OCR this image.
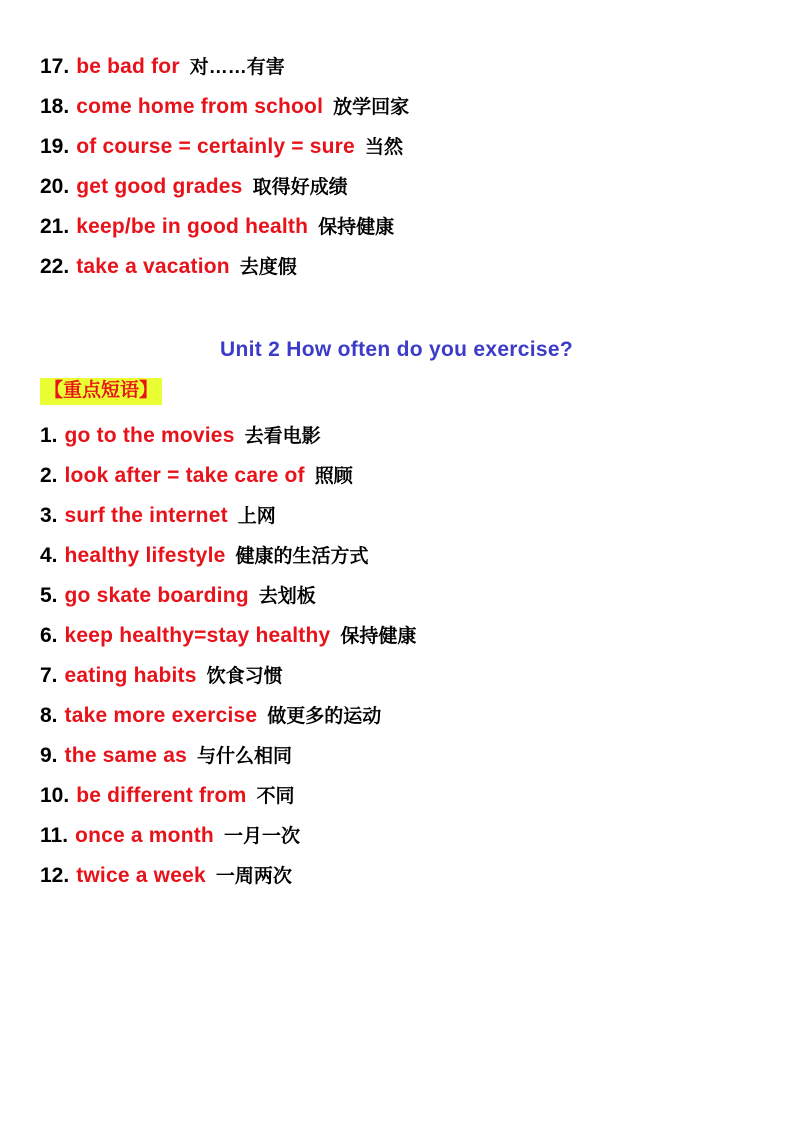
17. be bad for 对……有害
18. come home from school 放学回家
19. of course = certainly = sure 当然
20. get good grades 取得好成绩
21. keep/be in good health 保持健康
22. take a vacation 去度假
Unit 2 How often do you exercise?
【重点短语】
1. go to the movies 去看电影
2. look after = take care of 照顾
3. surf the internet 上网
4. healthy lifestyle 健康的生活方式
5. go skate boarding 去划板
6. keep healthy=stay healthy 保持健康
7. eating habits 饮食习惯
8. take more exercise 做更多的运动
9. the same as 与什么相同
10. be different from 不同
11. once a month 一月一次
12. twice a week 一周两次
